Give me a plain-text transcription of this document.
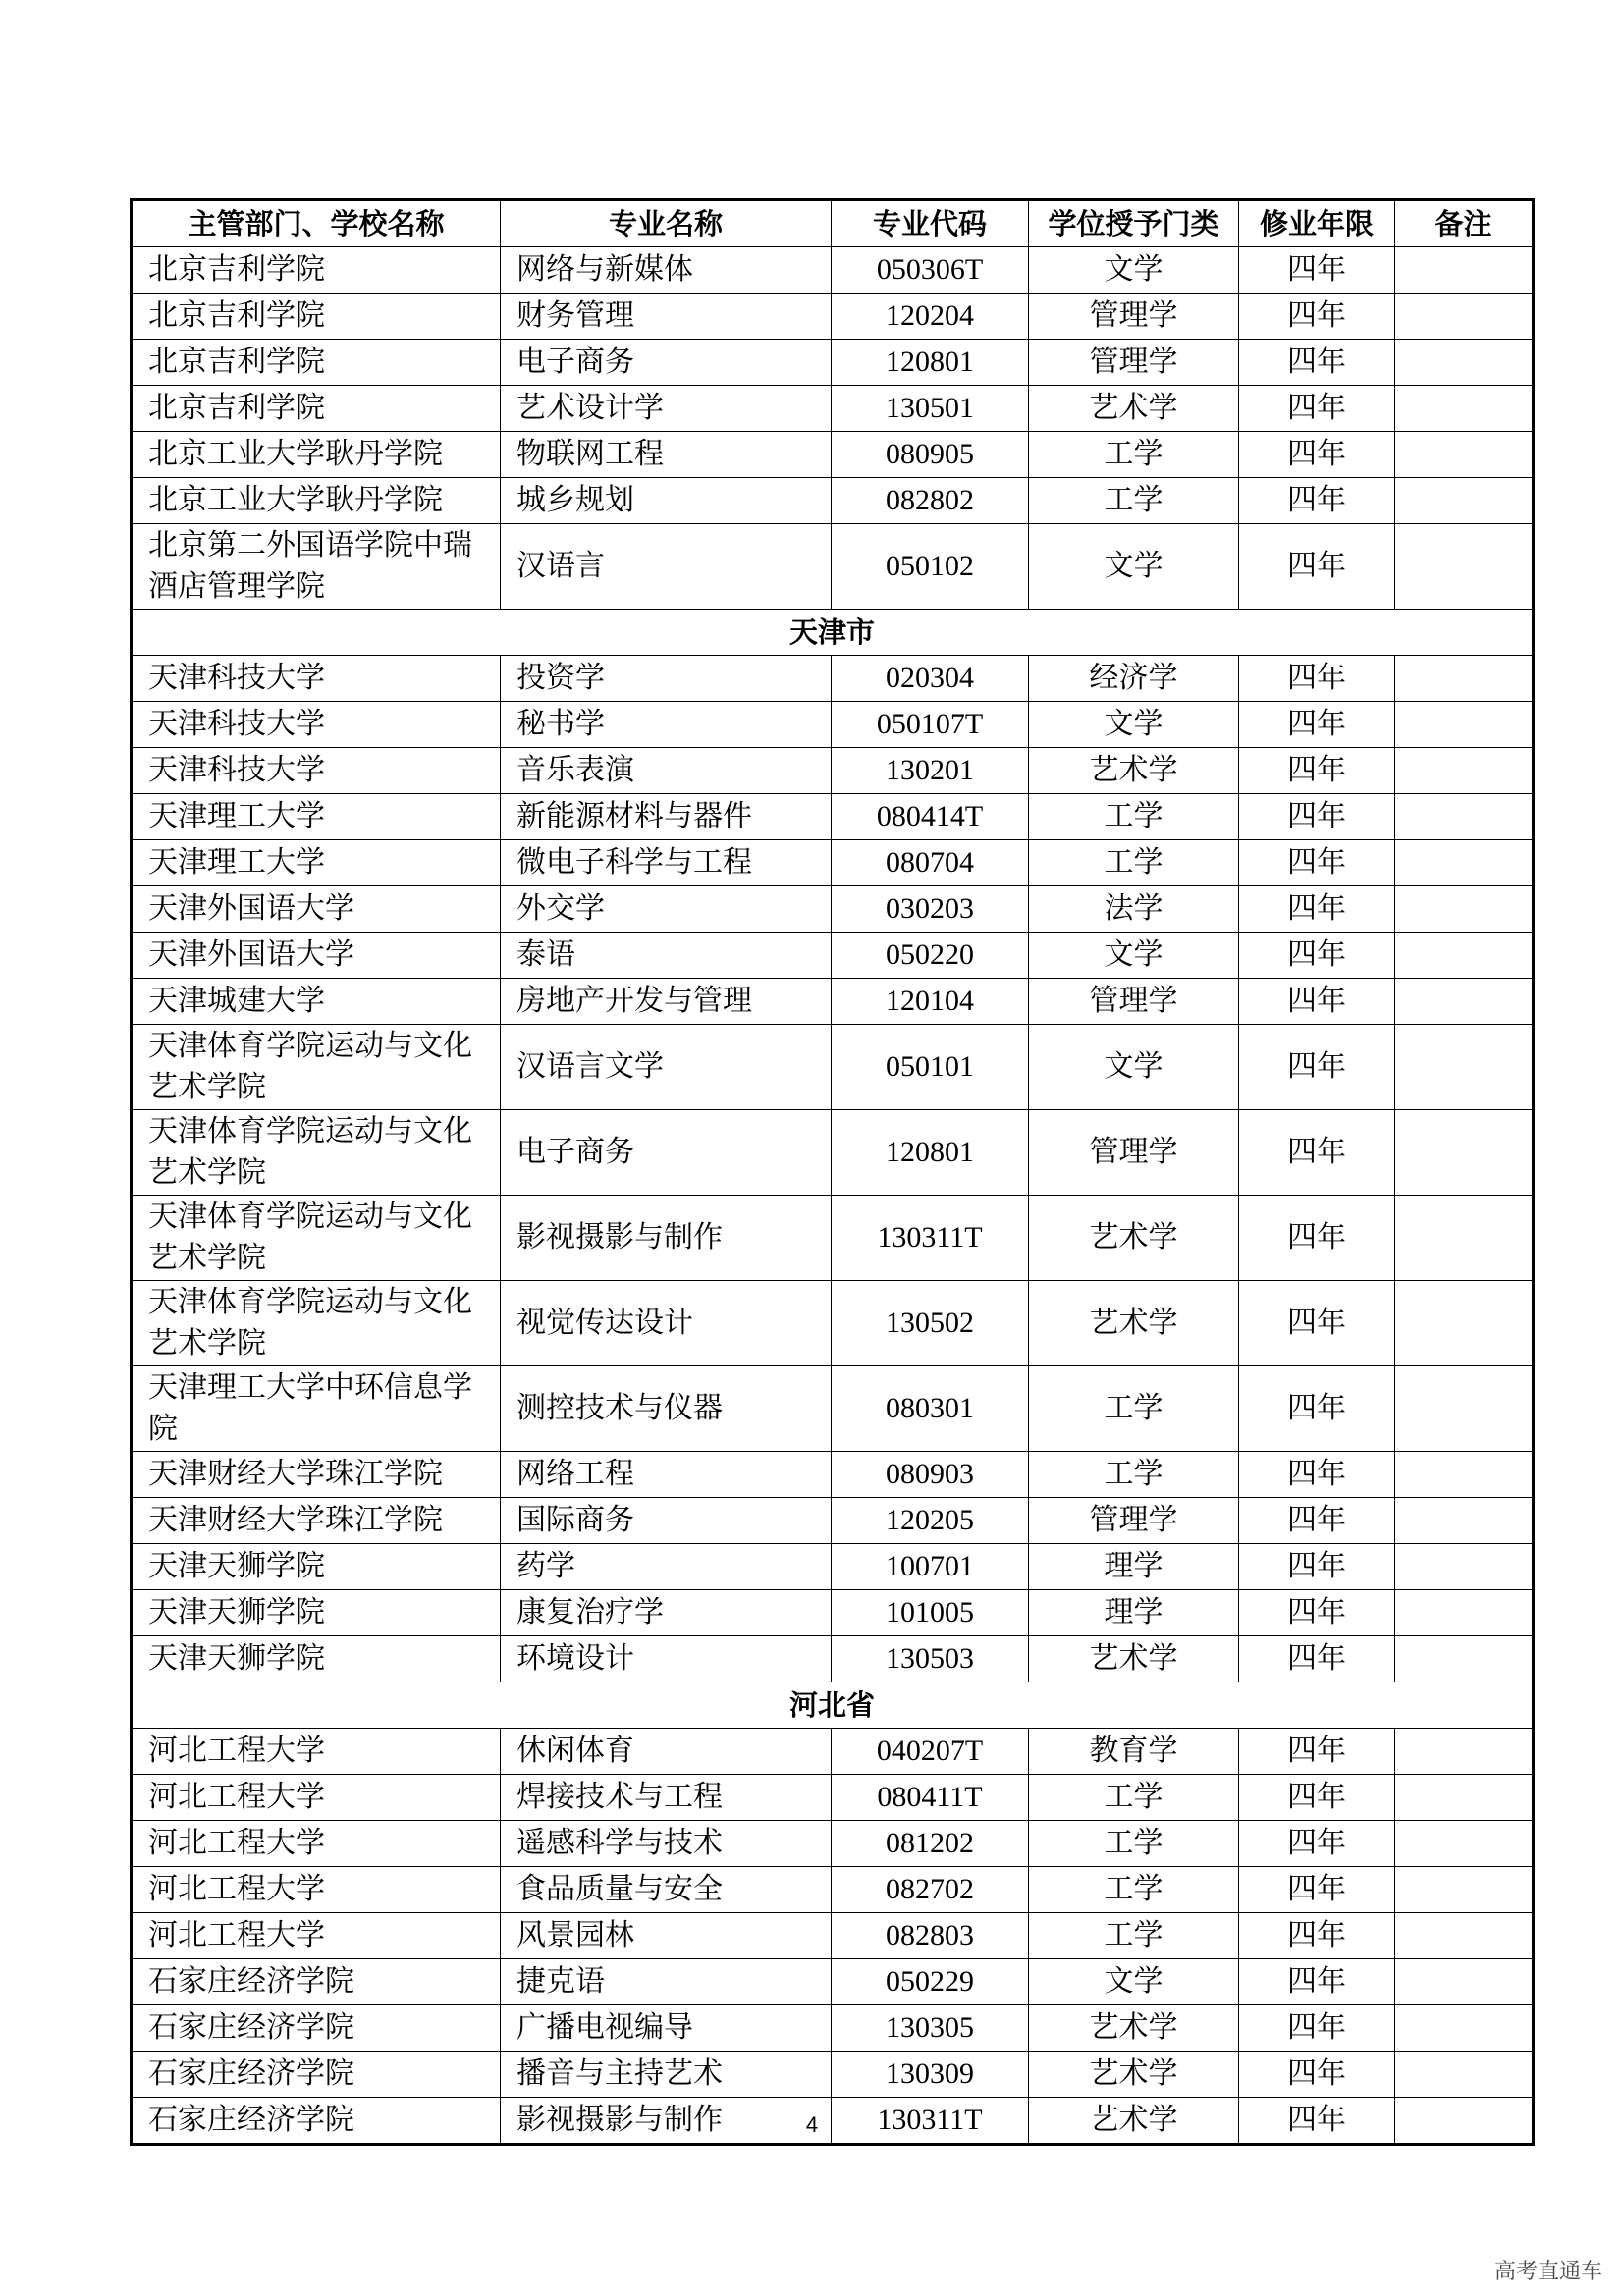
主管部门、学校名称	专业名称	专业代码	学位授予门类	修业年限	备注
北京吉利学院	网络与新媒体	050306T	文学	四年	
北京吉利学院	财务管理	120204	管理学	四年	
北京吉利学院	电子商务	120801	管理学	四年	
北京吉利学院	艺术设计学	130501	艺术学	四年	
北京工业大学耿丹学院	物联网工程	080905	工学	四年	
北京工业大学耿丹学院	城乡规划	082802	工学	四年	
北京第二外国语学院中瑞酒店管理学院	汉语言	050102	文学	四年	
天津市					
天津科技大学	投资学	020304	经济学	四年	
天津科技大学	秘书学	050107T	文学	四年	
天津科技大学	音乐表演	130201	艺术学	四年	
天津理工大学	新能源材料与器件	080414T	工学	四年	
天津理工大学	微电子科学与工程	080704	工学	四年	
天津外国语大学	外交学	030203	法学	四年	
天津外国语大学	泰语	050220	文学	四年	
天津城建大学	房地产开发与管理	120104	管理学	四年	
天津体育学院运动与文化艺术学院	汉语言文学	050101	文学	四年	
天津体育学院运动与文化艺术学院	电子商务	120801	管理学	四年	
天津体育学院运动与文化艺术学院	影视摄影与制作	130311T	艺术学	四年	
天津体育学院运动与文化艺术学院	视觉传达设计	130502	艺术学	四年	
天津理工大学中环信息学院	测控技术与仪器	080301	工学	四年	
天津财经大学珠江学院	网络工程	080903	工学	四年	
天津财经大学珠江学院	国际商务	120205	管理学	四年	
天津天狮学院	药学	100701	理学	四年	
天津天狮学院	康复治疗学	101005	理学	四年	
天津天狮学院	环境设计	130503	艺术学	四年	
河北省					
河北工程大学	休闲体育	040207T	教育学	四年	
河北工程大学	焊接技术与工程	080411T	工学	四年	
河北工程大学	遥感科学与技术	081202	工学	四年	
河北工程大学	食品质量与安全	082702	工学	四年	
河北工程大学	风景园林	082803	工学	四年	
石家庄经济学院	捷克语	050229	文学	四年	
石家庄经济学院	广播电视编导	130305	艺术学	四年	
石家庄经济学院	播音与主持艺术	130309	艺术学	四年	
石家庄经济学院	影视摄影与制作	130311T	艺术学	四年	
4
高考直通车
